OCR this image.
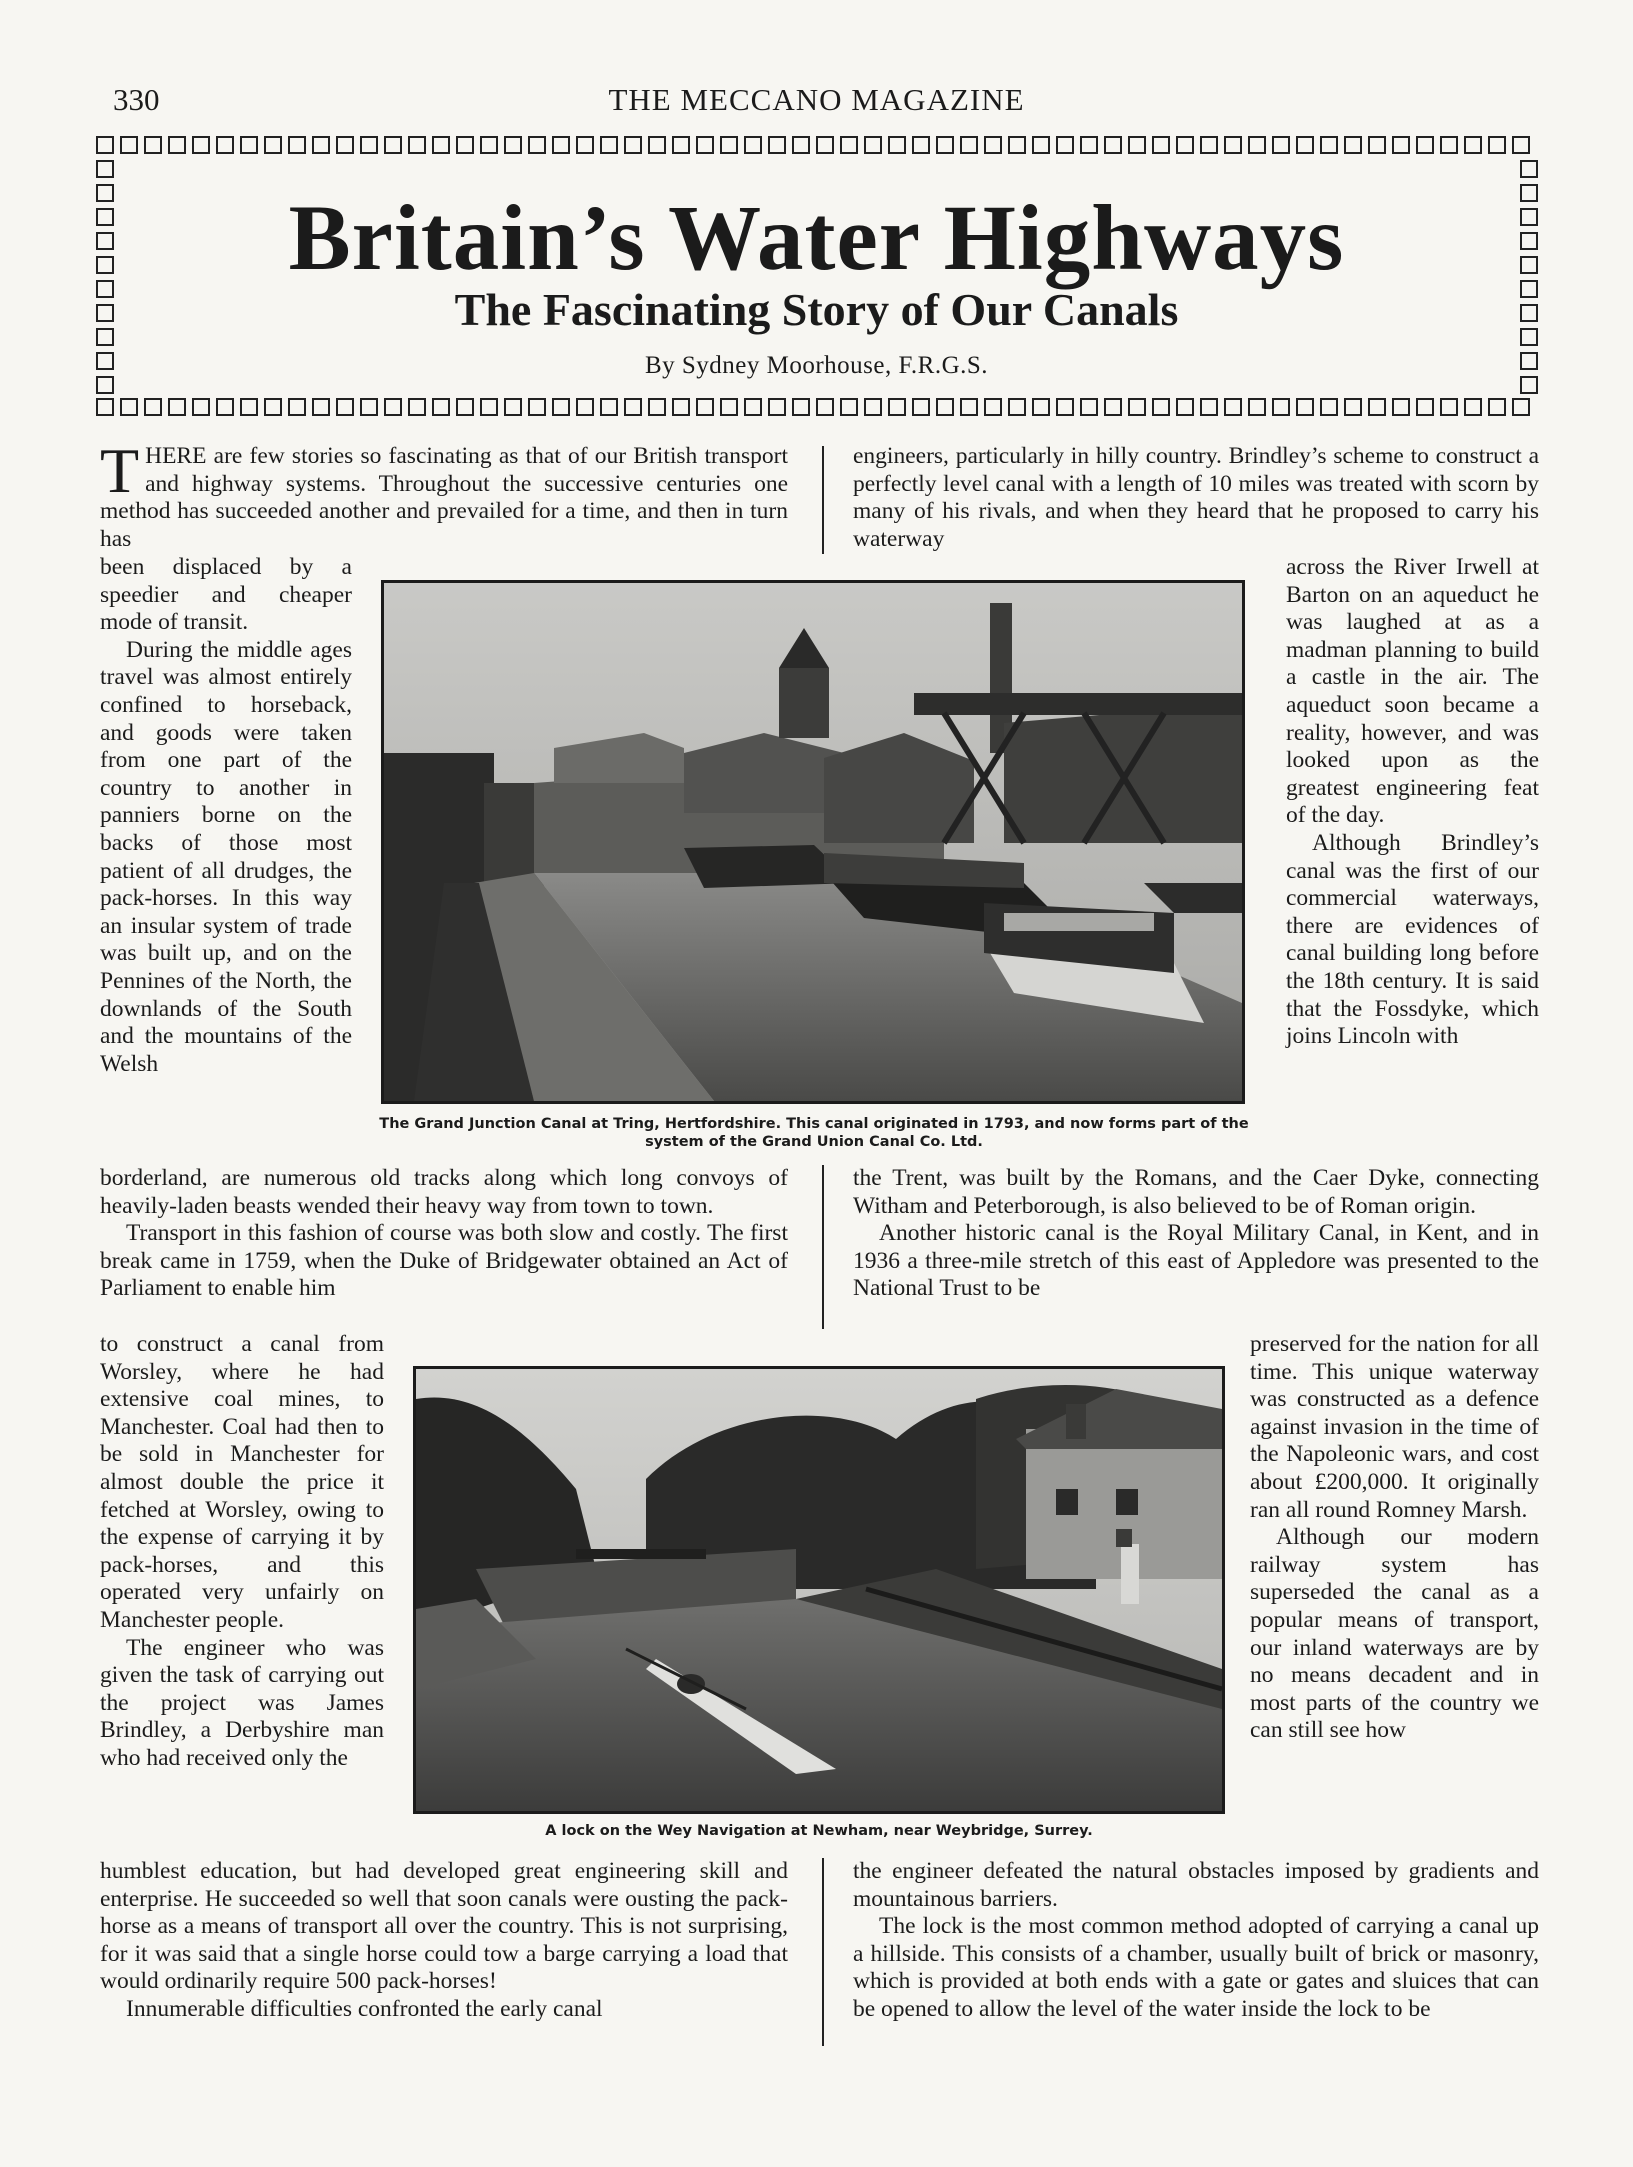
330	THE MECCANO MAGAZINE
Britain’s Water Highways
The Fascinating Story of Our Canals
By Sydney Moorhouse, F.R.G.S.

THERE are few stories so fascinating as that of our British transport and highway systems. Throughout the successive centuries one method has succeeded another and prevailed for a time, and then in turn has

been displaced by a speedier and cheaper mode of transit.

During the middle ages travel was almost entirely confined to horseback, and goods were taken from one part of the country to another in panniers borne on the backs of those most patient of all drudges, the pack-horses. In this way an insular system of trade was built up, and on the Pennines of the North, the downlands of the South and the mountains of the Welsh

borderland, are numerous old tracks along which long convoys of heavily-laden beasts wended their heavy way from town to town.

Transport in this fashion of course was both slow and costly. The first break came in 1759, when the Duke of Bridgewater obtained an Act of Parliament to enable him

to construct a canal from Worsley, where he had extensive coal mines, to Manchester. Coal had then to be sold in Manchester for almost double the price it fetched at Worsley, owing to the expense of carrying it by pack-horses, and this operated very unfairly on Manchester people.

The engineer who was given the task of carrying out the project was James Brindley, a Derbyshire man who had received only the

humblest education, but had developed great engineering skill and enterprise. He succeeded so well that soon canals were ousting the pack-horse as a means of transport all over the country. This is not surprising, for it was said that a single horse could tow a barge carrying a load that would ordinarily require 500 pack-horses!

Innumerable difficulties confronted the early canal

engineers, particularly in hilly country. Brindley’s scheme to construct a perfectly level canal with a length of 10 miles was treated with scorn by many of his rivals, and when they heard that he proposed to carry his waterway

across the River Irwell at Barton on an aqueduct he was laughed at as a madman planning to build a castle in the air. The aqueduct soon became a reality, however, and was looked upon as the greatest engineering feat of the day.

Although Brindley’s canal was the first of our commercial waterways, there are evidences of canal building long before the 18th century. It is said that the Fossdyke, which joins Lincoln with

the Trent, was built by the Romans, and the Caer Dyke, connecting Witham and Peterborough, is also believed to be of Roman origin.

Another historic canal is the Royal Military Canal, in Kent, and in 1936 a three-mile stretch of this east of Appledore was presented to the National Trust to be

preserved for the nation for all time. This unique waterway was constructed as a defence against invasion in the time of the Napoleonic wars, and cost about £200,000. It originally ran all round Romney Marsh.

Although our modern railway system has superseded the canal as a popular means of transport, our inland waterways are by no means decadent and in most parts of the country we can still see how

the engineer defeated the natural obstacles imposed by gradients and mountainous barriers.

The lock is the most common method adopted of carrying a canal up a hillside. This consists of a chamber, usually built of brick or masonry, which is provided at both ends with a gate or gates and sluices that can be opened to allow the level of the water inside the lock to be

The Grand Junction Canal at Tring, Hertfordshire. This canal originated in 1793, and now forms part of the system of the Grand Union Canal Co. Ltd.
A lock on the Wey Navigation at Newham, near Weybridge, Surrey.
